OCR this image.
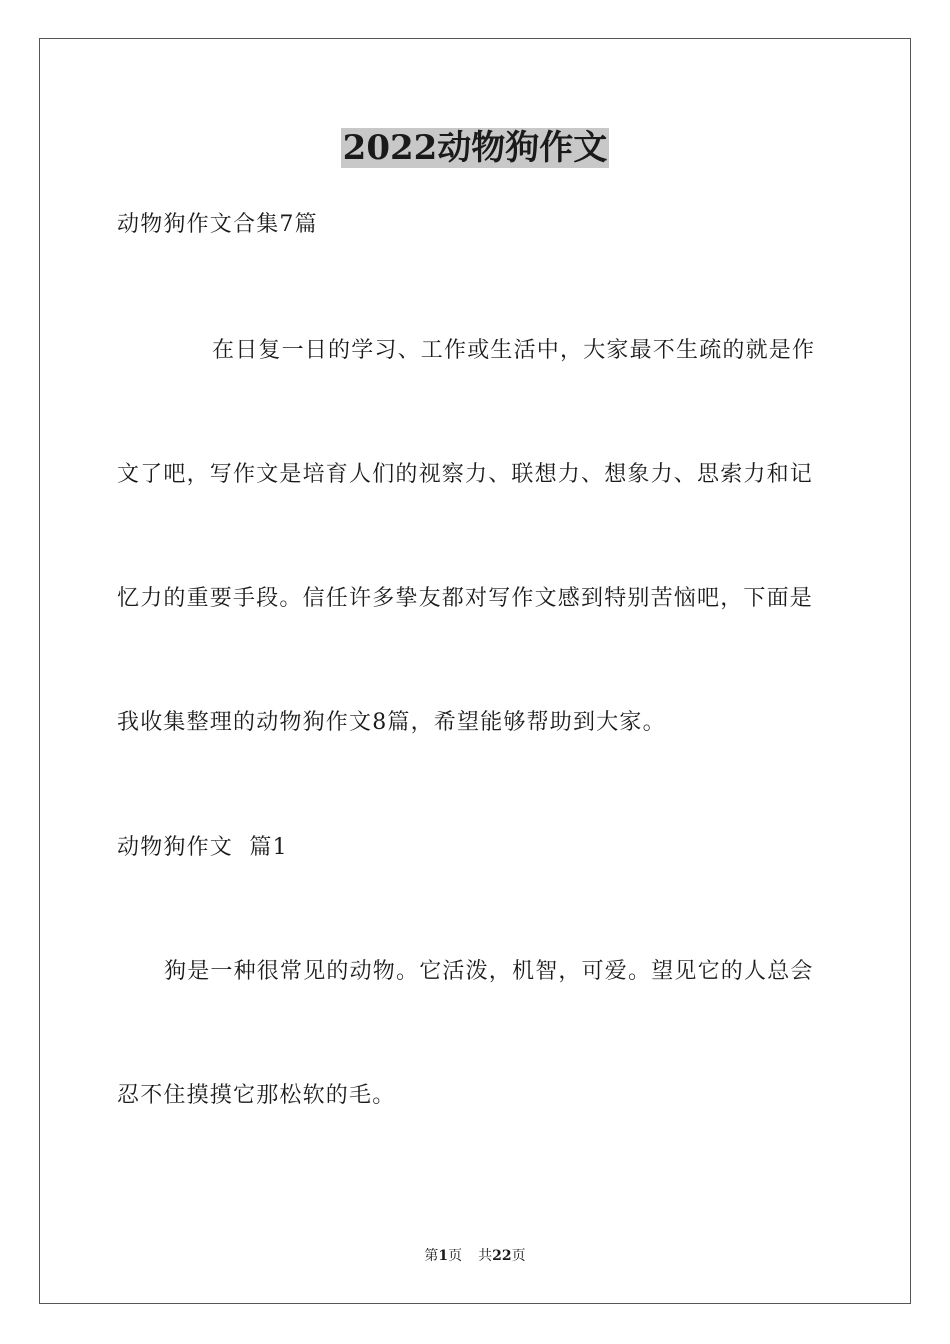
2022动物狗作文
动物狗作文合集7篇
在日复一日的学习、工作或生活中，大家最不生疏的就是作
文了吧，写作文是培育人们的视察力、联想力、想象力、思索力和记
忆力的重要手段。信任许多挚友都对写作文感到特别苦恼吧，下面是
我收集整理的动物狗作文8篇，希望能够帮助到大家。
动物狗作文  篇1
狗是一种很常见的动物。它活泼，机智，可爱。望见它的人总会
忍不住摸摸它那松软的毛。
第1页 共22页
